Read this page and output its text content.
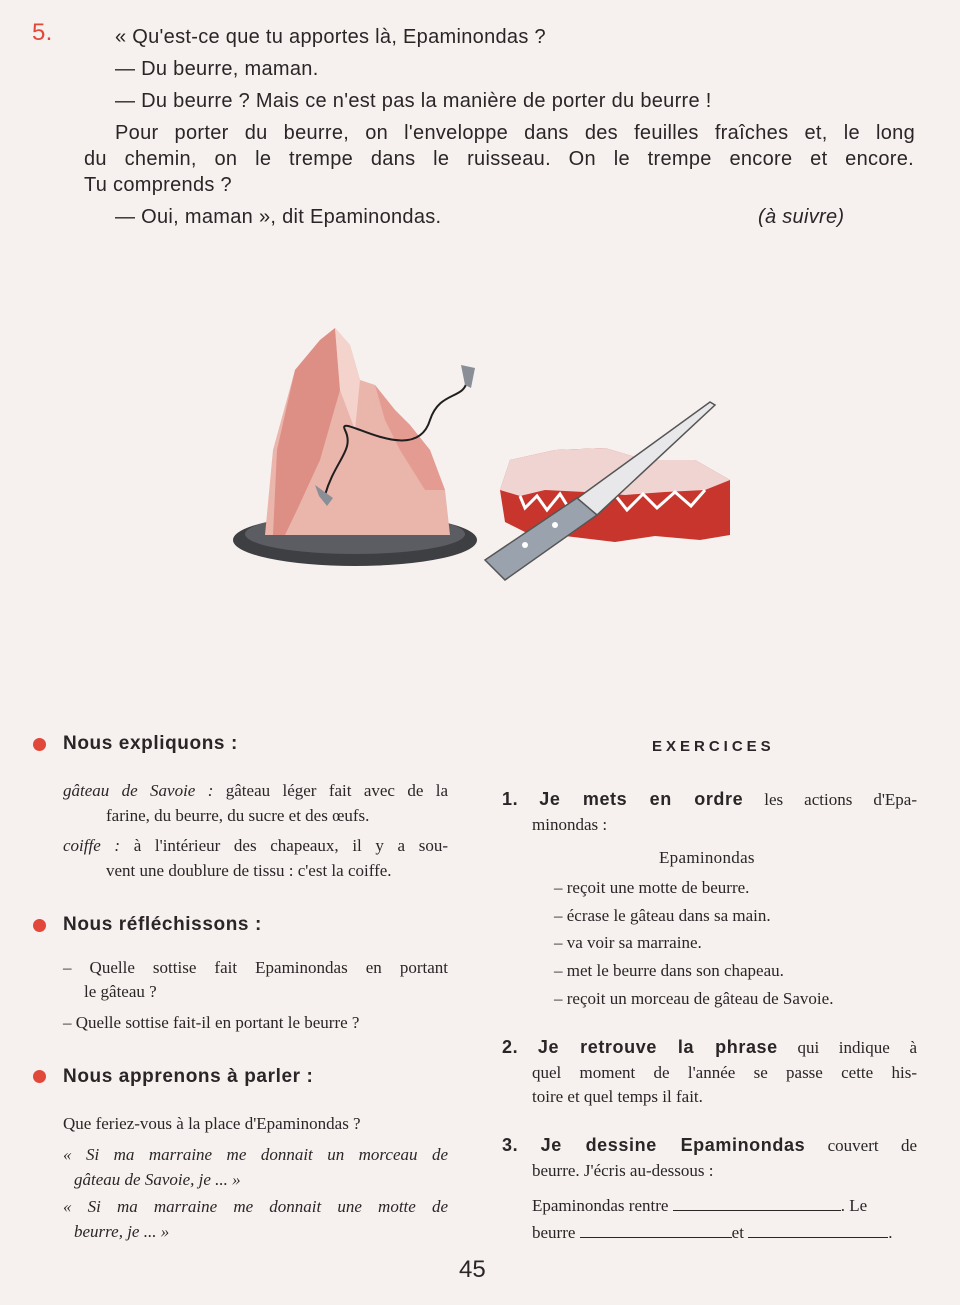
5.	« Qu'est-ce que tu apportes là, Epaminondas ?
— Du beurre, maman.
— Du beurre ? Mais ce n'est pas la manière de porter du beurre !
Pour porter du beurre, on l'enveloppe dans des feuilles fraîches et, le long
du chemin, on le trempe dans le ruisseau. On le trempe encore et encore.
Tu comprends ?
— Oui, maman », dit Epaminondas.	(à suivre)
Nous expliquons :
gâteau de Savoie : gâteau léger fait avec de la
farine, du beurre, du sucre et des œufs.
coiffe : à l'intérieur des chapeaux, il y a sou-
vent une doublure de tissu : c'est la coiffe.
Nous réfléchissons :
– Quelle sottise fait Epaminondas en portant
le gâteau ?
– Quelle sottise fait-il en portant le beurre ?
Nous apprenons à parler :
Que feriez-vous à la place d'Epaminondas ?
« Si ma marraine me donnait un morceau de
gâteau de Savoie, je ... »
« Si ma marraine me donnait une motte de
beurre, je ... »
EXERCICES
1. Je mets en ordre les actions d'Epa-
minondas :
Epaminondas
– reçoit une motte de beurre.
– écrase le gâteau dans sa main.
– va voir sa marraine.
– met le beurre dans son chapeau.
– reçoit un morceau de gâteau de Savoie.
2. Je retrouve la phrase qui indique à
quel moment de l'année se passe cette his-
toire et quel temps il fait.
3. Je dessine Epaminondas couvert de
beurre. J'écris au-dessous :
Epaminondas rentre	. Le
beurre	et	.
45
